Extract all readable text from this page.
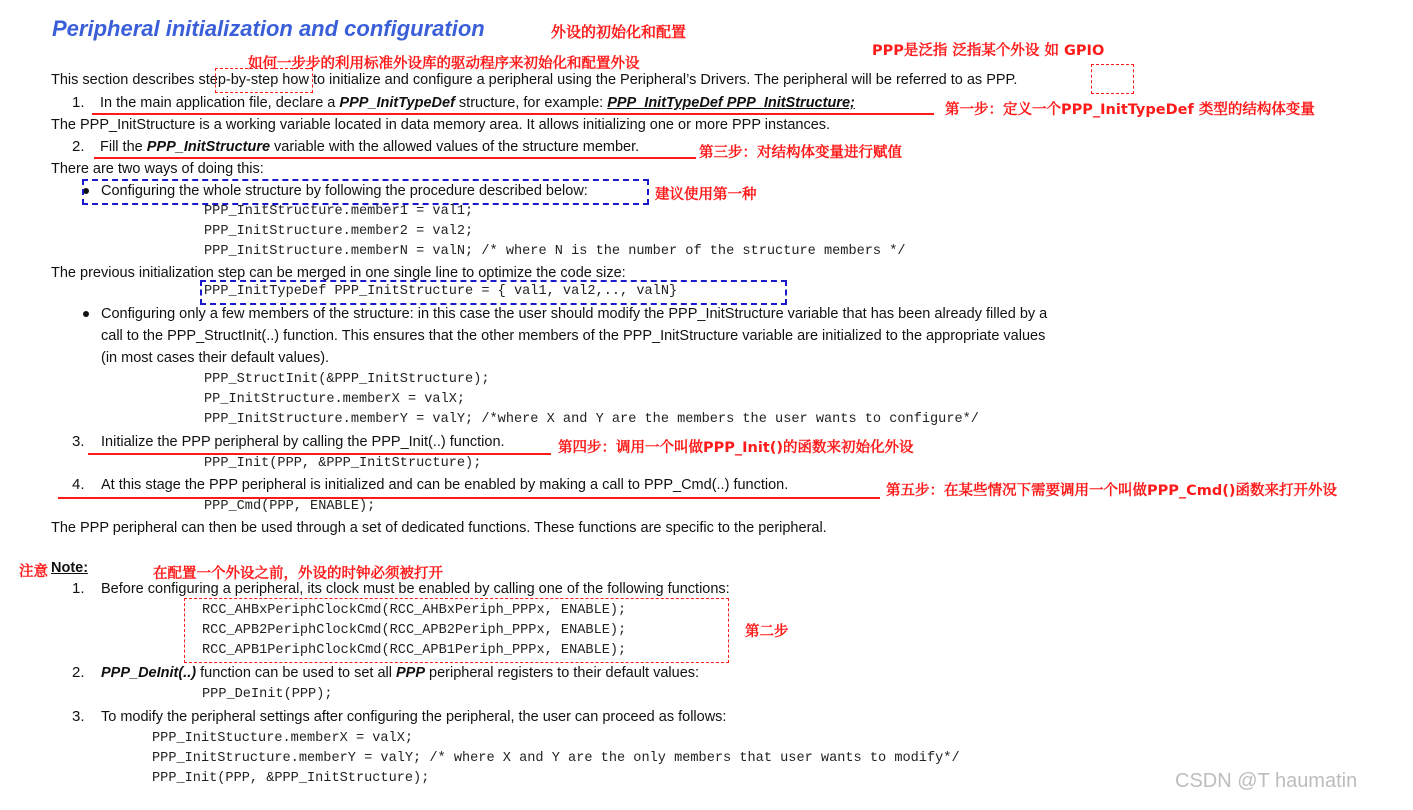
Peripheral initialization and configuration	外设的初始化和配置
如何一步步的利用标准外设库的驱动程序来初始化和配置外设
PPP是泛指 泛指某个外设 如 GPIO
This section describes step-by-step how to initialize and configure a peripheral using the Peripheral’s Drivers. The peripheral will be referred to as PPP.
1. In the main application file, declare a PPP_InitTypeDef structure, for example: PPP_InitTypeDef PPP_InitStructure;	第一步：定义一个PPP_InitTypeDef 类型的结构体变量
The PPP_InitStructure is a working variable located in data memory area. It allows initializing one or more PPP instances.
2. Fill the PPP_InitStructure variable with the allowed values of the structure member.	第三步：对结构体变量进行赋值
There are two ways of doing this:
Configuring the whole structure by following the procedure described below:	建议使用第一种
PPP_InitStructure.member1 = val1;
PPP_InitStructure.member2 = val2;
PPP_InitStructure.memberN = valN; /* where N is the number of the structure members */
The previous initialization step can be merged in one single line to optimize the code size:
PPP_InitTypeDef PPP_InitStructure = { val1, val2,.., valN}
Configuring only a few members of the structure: in this case the user should modify the PPP_InitStructure variable that has been already filled by a
call to the PPP_StructInit(..) function. This ensures that the other members of the PPP_InitStructure variable are initialized to the appropriate values
(in most cases their default values).
PPP_StructInit(&PPP_InitStructure);
PP_InitStructure.memberX = valX;
PPP_InitStructure.memberY = valY; /*where X and Y are the members the user wants to configure*/
3. Initialize the PPP peripheral by calling the PPP_Init(..) function.	第四步：调用一个叫做PPP_Init()的函数来初始化外设
PPP_Init(PPP, &PPP_InitStructure);
4. At this stage the PPP peripheral is initialized and can be enabled by making a call to PPP_Cmd(..) function.	第五步：在某些情况下需要调用一个叫做PPP_Cmd()函数来打开外设
PPP_Cmd(PPP, ENABLE);
The PPP peripheral can then be used through a set of dedicated functions. These functions are specific to the peripheral.
注意 Note:	在配置一个外设之前，外设的时钟必须被打开
1. Before configuring a peripheral, its clock must be enabled by calling one of the following functions:
RCC_AHBxPeriphClockCmd(RCC_AHBxPeriph_PPPx, ENABLE);
RCC_APB2PeriphClockCmd(RCC_APB2Periph_PPPx, ENABLE);
RCC_APB1PeriphClockCmd(RCC_APB1Periph_PPPx, ENABLE);
第二步
2. PPP_DeInit(..) function can be used to set all PPP peripheral registers to their default values:
PPP_DeInit(PPP);
3. To modify the peripheral settings after configuring the peripheral, the user can proceed as follows:
PPP_InitStucture.memberX = valX;
PPP_InitStructure.memberY = valY; /* where X and Y are the only members that user wants to modify*/
PPP_Init(PPP, &PPP_InitStructure);	CSDN @T haumatin
